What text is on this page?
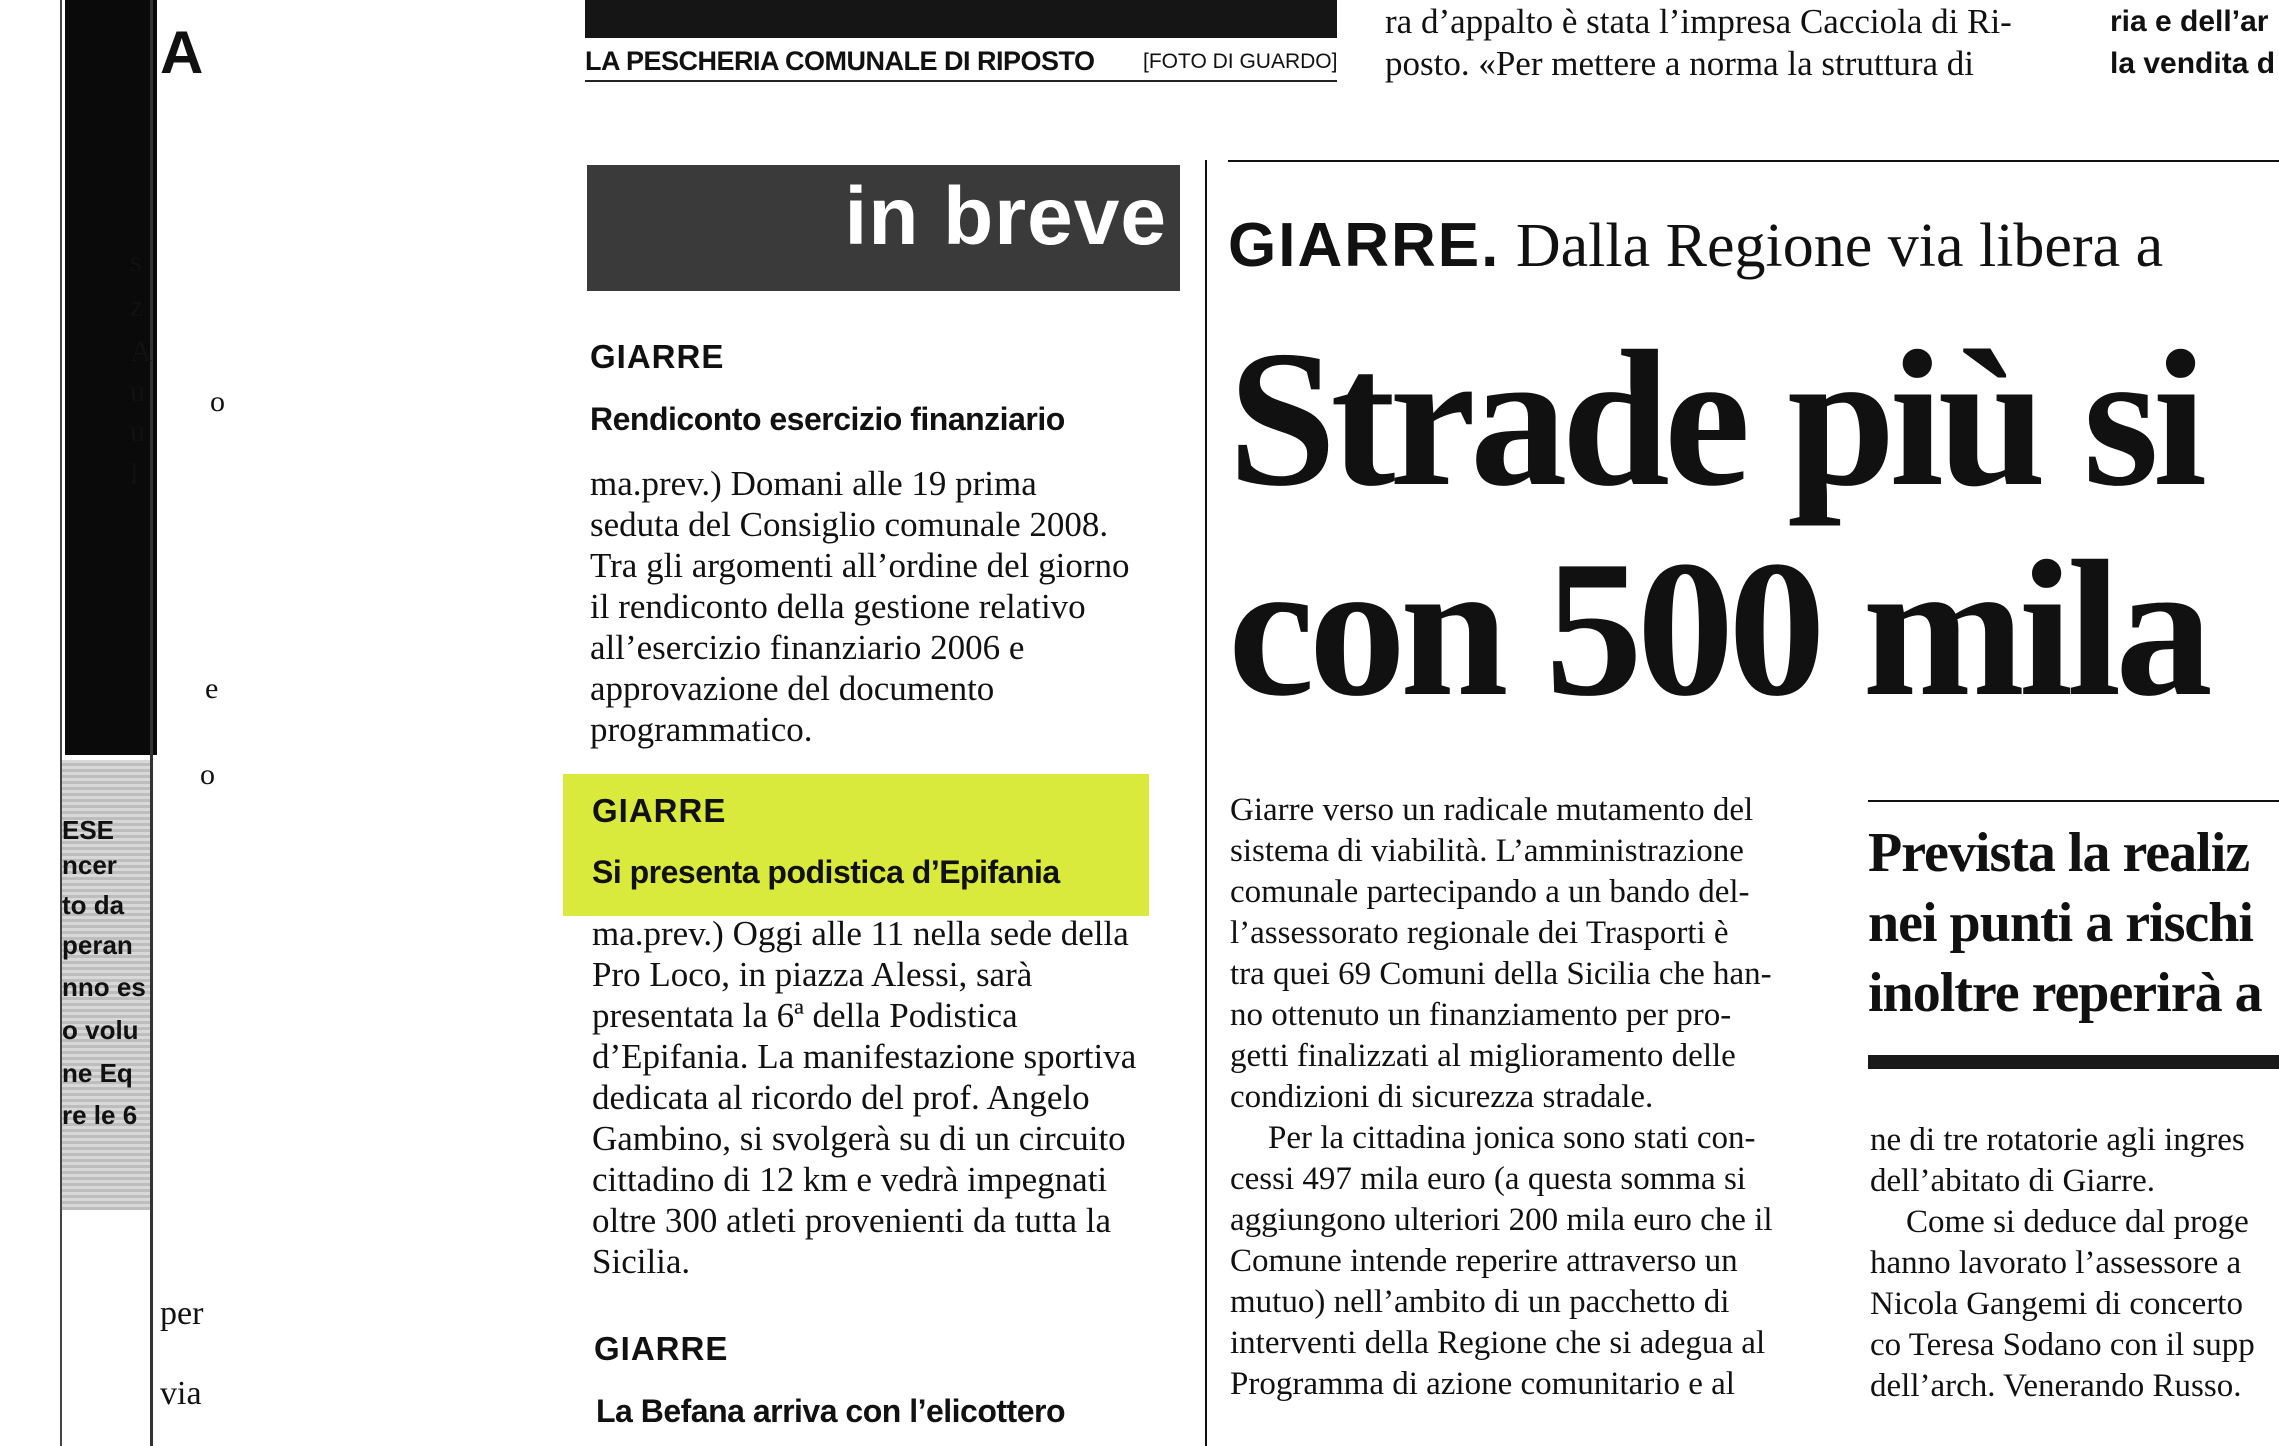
A
s
z
A
u
u
l
o
e
o
ESE
ncer
to da
peran
nno es
o volu
ne Eq
re le 6
per
via
LA PESCHERIA COMUNALE DI RIPOSTO [FOTO DI GUARDO]
ra d’appalto è stata l’impresa Cacciola di Ri-
posto. «Per mettere a norma la struttura di
ria e dell’ar
la vendita d
in breve
GIARRE
Rendiconto esercizio finanziario
ma.prev.) Domani alle 19 prima
seduta del Consiglio comunale 2008.
Tra gli argomenti all’ordine del giorno
il rendiconto della gestione relativo
all’esercizio finanziario 2006 e
approvazione del documento
programmatico.
GIARRE
Si presenta podistica d’Epifania
ma.prev.) Oggi alle 11 nella sede della
Pro Loco, in piazza Alessi, sarà
presentata la 6ª della Podistica
d’Epifania. La manifestazione sportiva
dedicata al ricordo del prof. Angelo
Gambino, si svolgerà su di un circuito
cittadino di 12 km e vedrà impegnati
oltre 300 atleti provenienti da tutta la
Sicilia.
GIARRE
La Befana arriva con l’elicottero
GIARRE. Dalla Regione via libera a
Strade più si
con 500 mila
Giarre verso un radicale mutamento del
sistema di viabilità. L’amministrazione
comunale partecipando a un bando del-
l’assessorato regionale dei Trasporti è
tra quei 69 Comuni della Sicilia che han-
no ottenuto un finanziamento per pro-
getti finalizzati al miglioramento delle
condizioni di sicurezza stradale.
Per la cittadina jonica sono stati con-
cessi 497 mila euro (a questa somma si
aggiungono ulteriori 200 mila euro che il
Comune intende reperire attraverso un
mutuo) nell’ambito di un pacchetto di
interventi della Regione che si adegua al
Programma di azione comunitario e al
Prevista la realiz
nei punti a rischi
inoltre reperirà a
ne di tre rotatorie agli ingres
dell’abitato di Giarre.
Come si deduce dal proge
hanno lavorato l’assessore a
Nicola Gangemi di concerto
co Teresa Sodano con il supp
dell’arch. Venerando Russo.
